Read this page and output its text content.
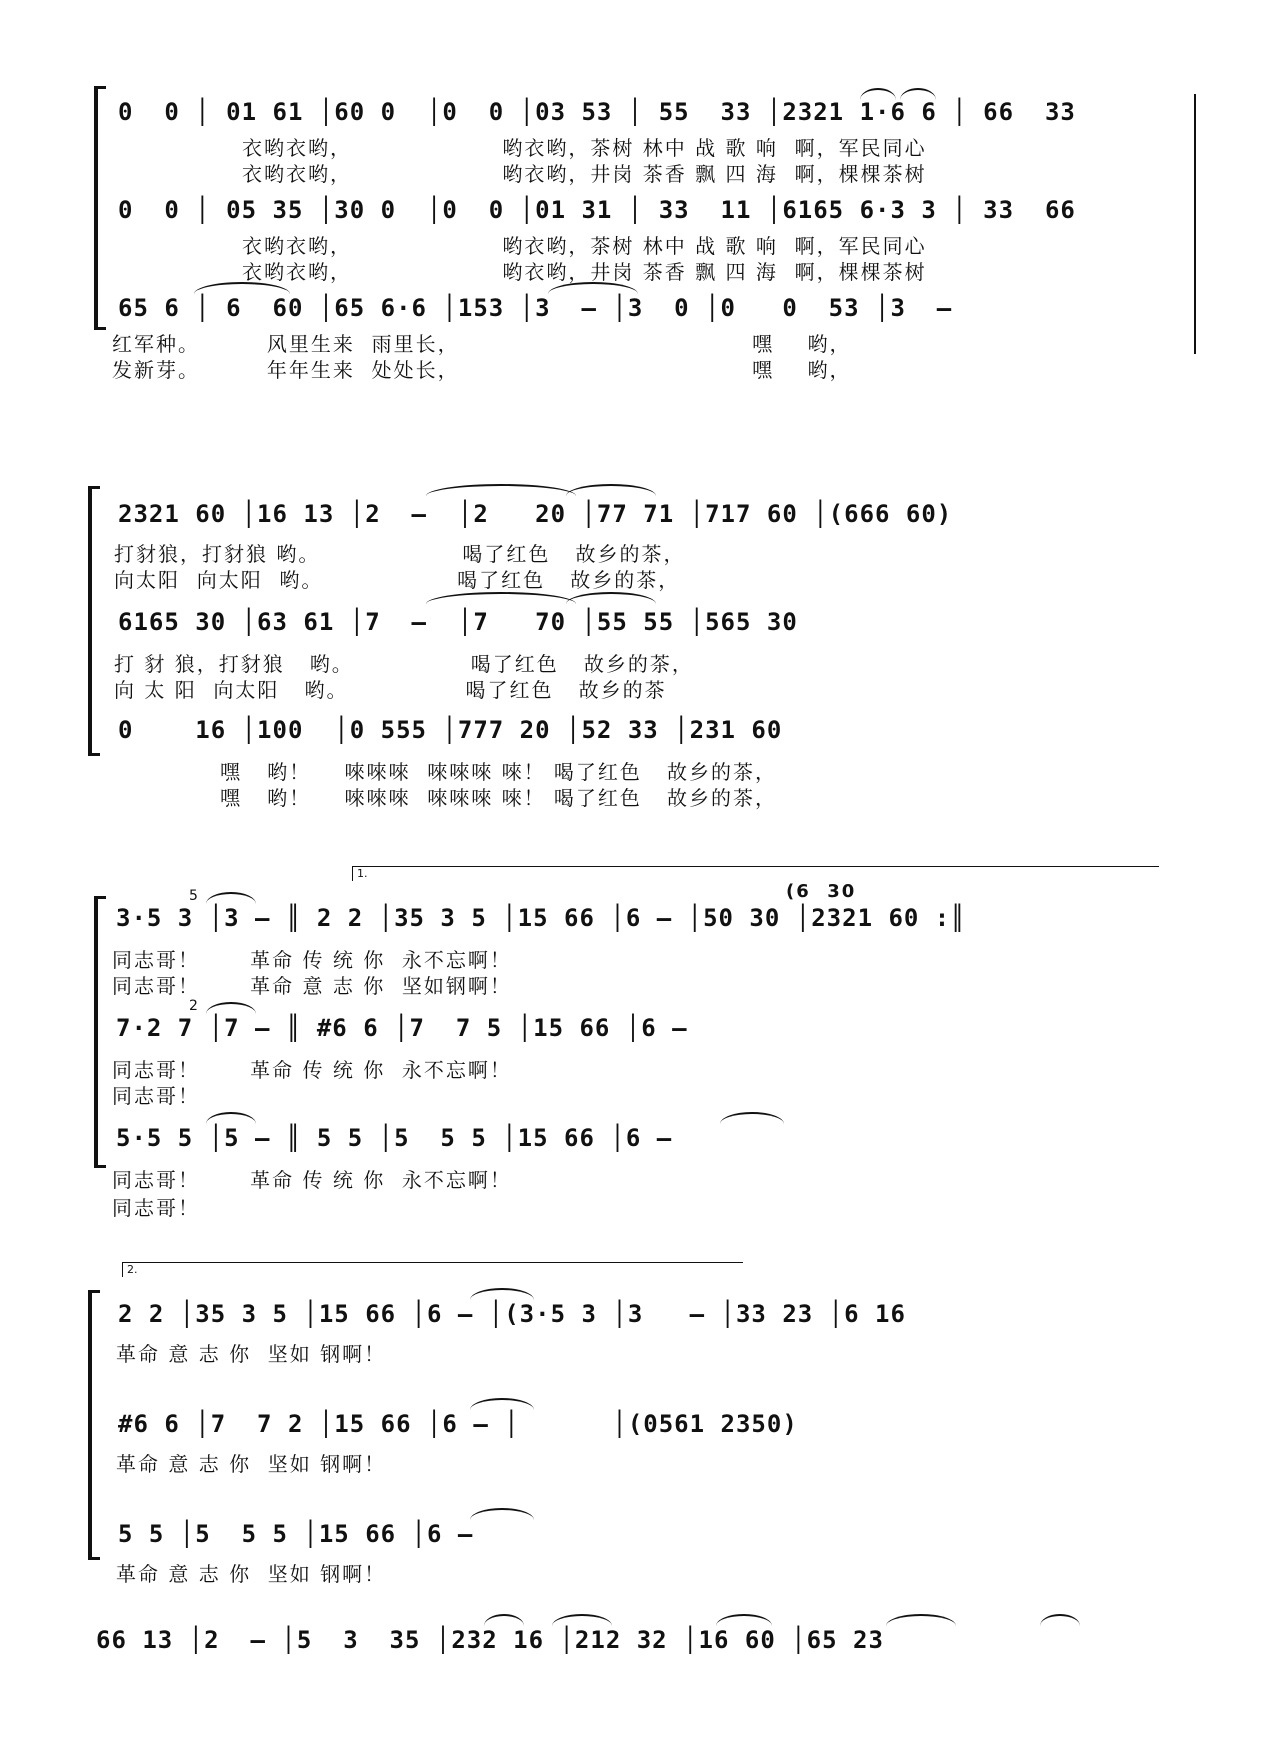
0  0 │ 01 61 │60 0  │0  0 │03 53 │ 55  33 │2321 1·6 6 │ 66  33
衣哟衣哟，                  哟衣哟，茶树 林中 战 歌 响  啊，军民同心
衣哟衣哟，                  哟衣哟，井岗 茶香 飘 四 海  啊，棵棵茶树
0  0 │ 05 35 │30 0  │0  0 │01 31 │ 33  11 │6165 6·3 3 │ 33  66
衣哟衣哟，                  哟衣哟，茶树 林中 战 歌 响  啊，军民同心
衣哟衣哟，                  哟衣哟，井岗 茶香 飘 四 海  啊，棵棵茶树
65 6 │ 6  60 │65 6·6 │153 │3  – │3  0 │0   0  53 │3  –
红军种。        风里生来  雨里长，                                   嘿    哟，
发新芽。        年年生来  处处长，                                   嘿    哟，
2321 60 │16 13 │2  –  │2   20 │77 71 │717 60 │(666 60)
打豺狼，打豺狼 哟。                 喝了红色   故乡的茶，
向太阳  向太阳  哟。                喝了红色   故乡的茶，
6165 30 │63 61 │7  –  │7   70 │55 55 │565 30
打 豺 狼，打豺狼   哟。              喝了红色   故乡的茶，
向 太 阳  向太阳   哟。              喝了红色   故乡的茶
0    16 │100  │0 555 │777 20 │52 33 │231 60
嘿   哟！    唻唻唻  唻唻唻 唻！ 喝了红色   故乡的茶，
嘿   哟！    唻唻唻  唻唻唻 唻！ 喝了红色   故乡的茶，
1.
5	(6  30
3·5 3 │3 – ║ 2 2 │35 3 5 │15 66 │6 – │50 30 │2321 60 :║
同志哥！      革命 传 统 你  永不忘啊！
同志哥！      革命 意 志 你  坚如钢啊！
2
7·2 7 │7 – ║ #6 6 │7  7 5 │15 66 │6 –
同志哥！      革命 传 统 你  永不忘啊！
同志哥！
5·5 5 │5 – ║ 5 5 │5  5 5 │15 66 │6 –
同志哥！      革命 传 统 你  永不忘啊！
同志哥！
2.
2 2 │35 3 5 │15 66 │6 – │(3·5 3 │3   – │33 23 │6 16
革命 意 志 你  坚如 钢啊！
#6 6 │7  7 2 │15 66 │6 – │      │(0561 2350)
革命 意 志 你  坚如 钢啊！
5 5 │5  5 5 │15 66 │6 –
革命 意 志 你  坚如 钢啊！
66 13 │2  – │5  3  35 │232 16 │212 32 │16 60 │65 23
